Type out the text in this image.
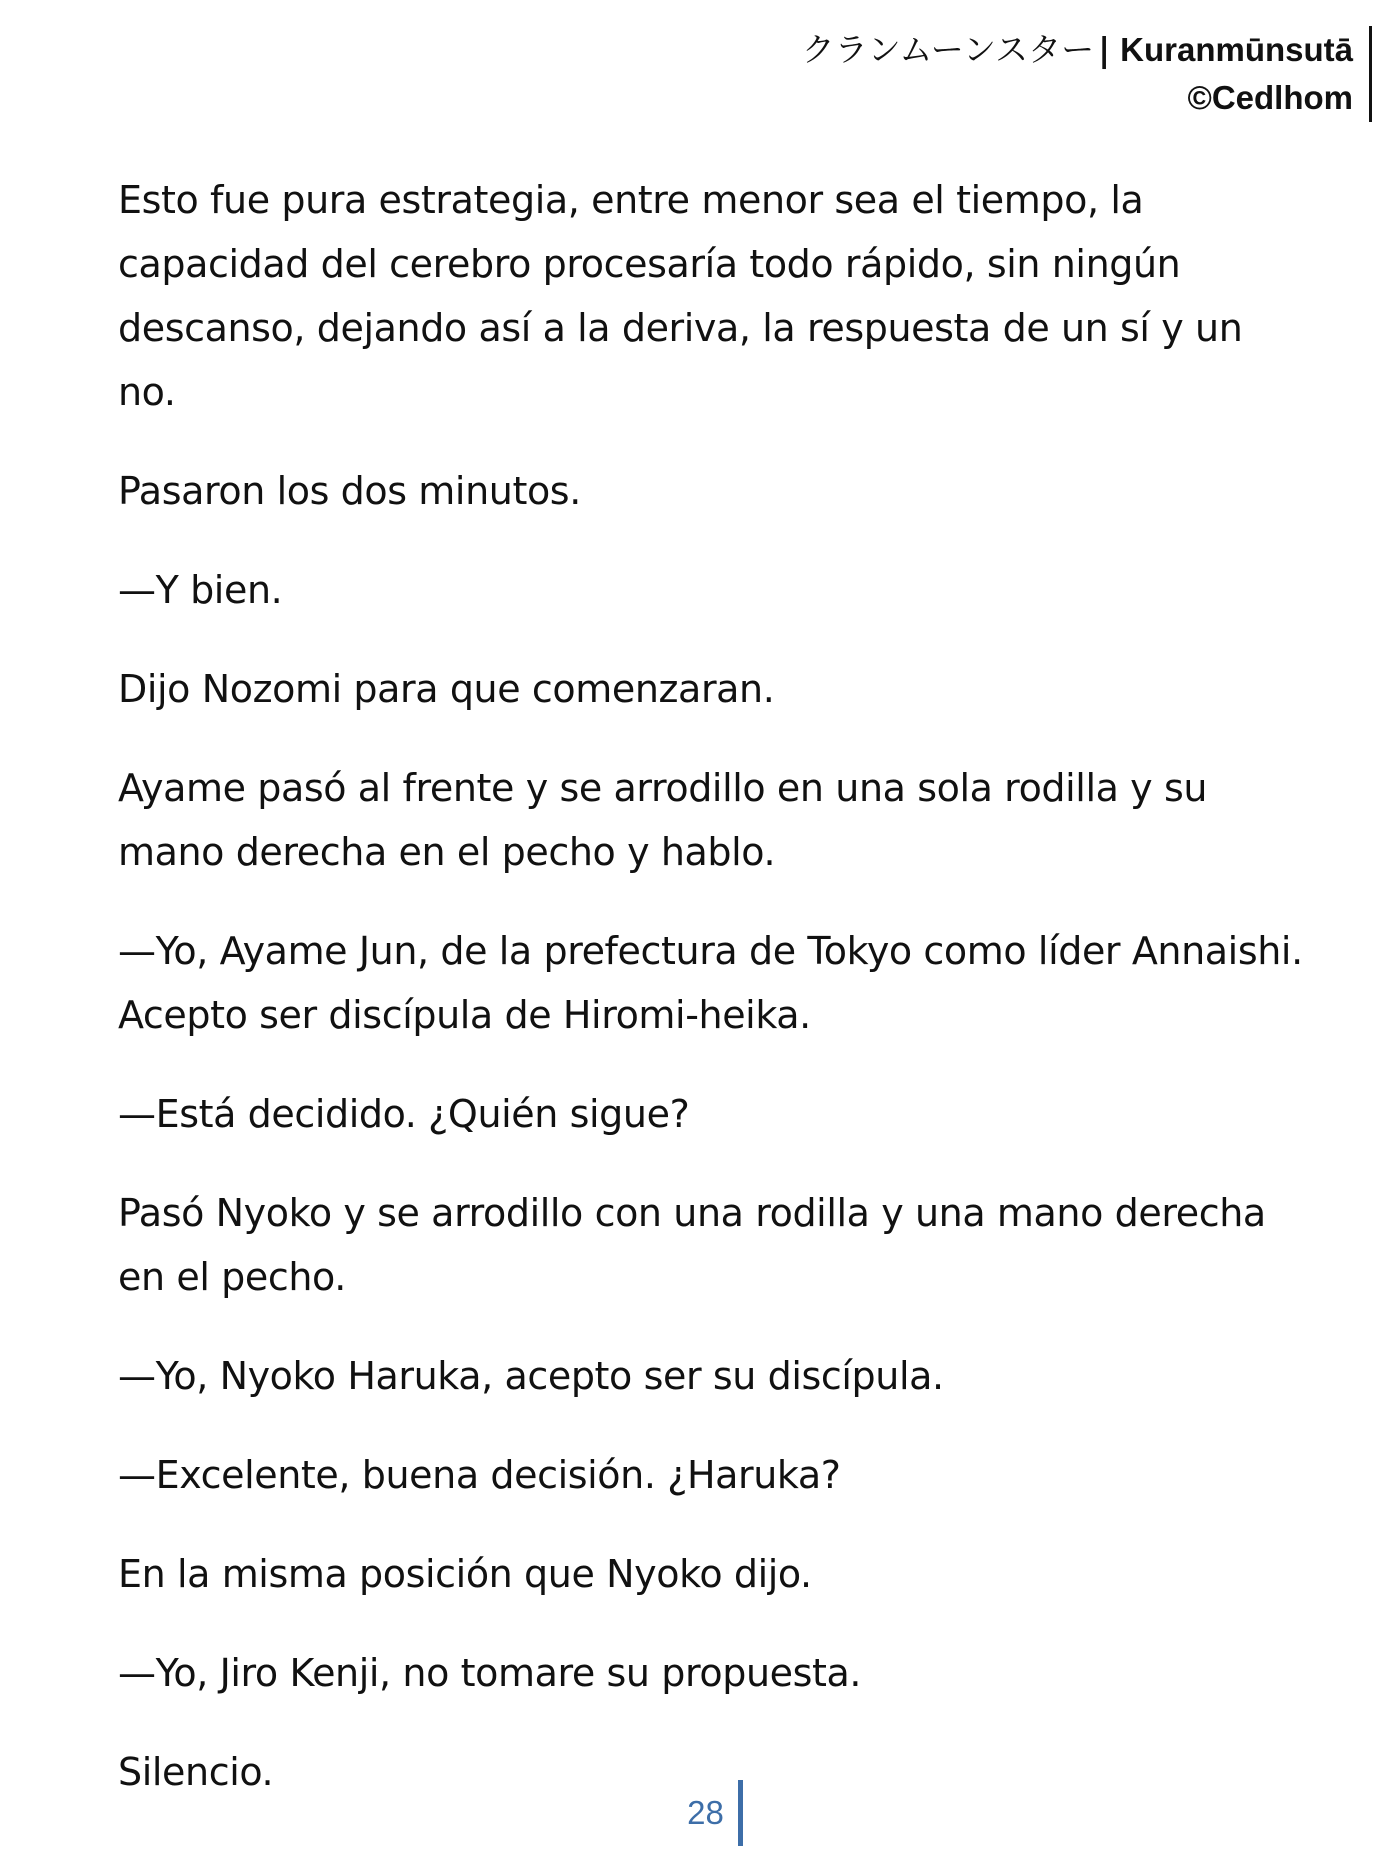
クランムーンスター | Kuranmūnsutā
©Cedlhom

Esto fue pura estrategia, entre menor sea el tiempo, la capacidad del cerebro procesaría todo rápido, sin ningún descanso, dejando así a la deriva, la respuesta de un sí y un no.

Pasaron los dos minutos.

—Y bien.

Dijo Nozomi para que comenzaran.

Ayame pasó al frente y se arrodillo en una sola rodilla y su mano derecha en el pecho y hablo.

—Yo, Ayame Jun, de la prefectura de Tokyo como líder Annaishi. Acepto ser discípula de Hiromi-heika.

—Está decidido. ¿Quién sigue?

Pasó Nyoko y se arrodillo con una rodilla y una mano derecha en el pecho.

—Yo, Nyoko Haruka, acepto ser su discípula.

—Excelente, buena decisión. ¿Haruka?

En la misma posición que Nyoko dijo.

—Yo, Jiro Kenji, no tomare su propuesta.

Silencio.

28
